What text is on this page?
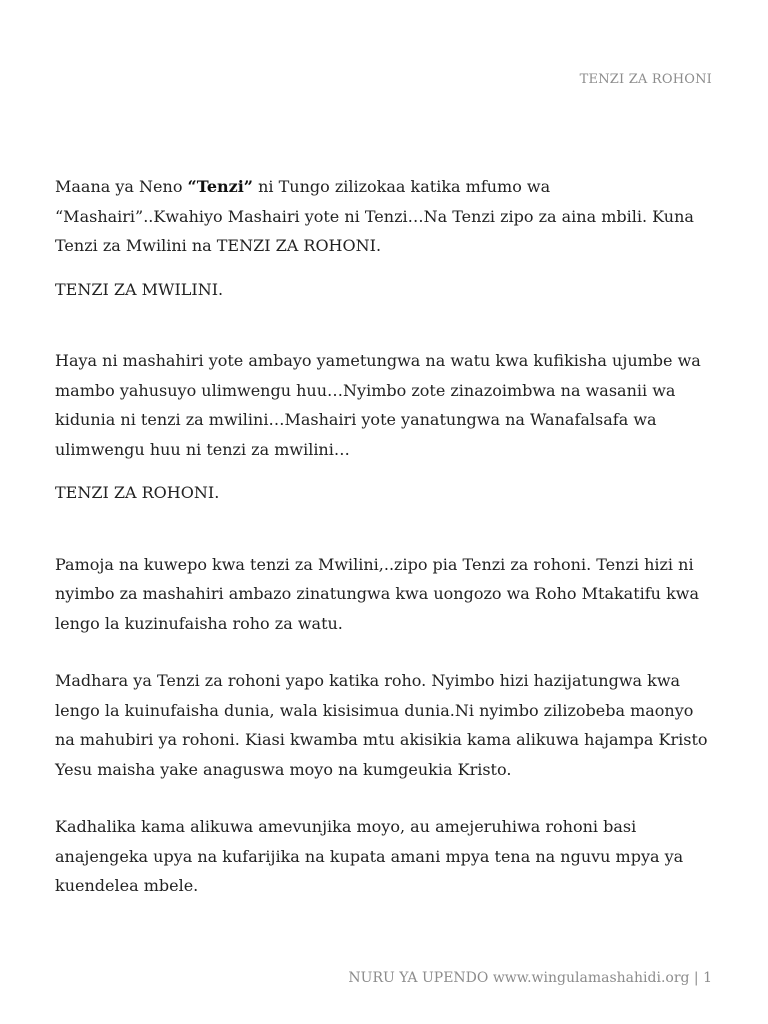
TENZI ZA ROHONI

Maana ya Neno “Tenzi” ni Tungo zilizokaa katika mfumo wa “Mashairi”..Kwahiyo Mashairi yote ni Tenzi…Na Tenzi zipo za aina mbili. Kuna Tenzi za Mwilini na TENZI ZA ROHONI.

TENZI ZA MWILINI.

Haya ni mashahiri yote ambayo yametungwa na watu kwa kufikisha ujumbe wa mambo yahusuyo ulimwengu huu…Nyimbo zote zinazoimbwa na wasanii wa kidunia ni tenzi za mwilini…Mashairi yote yanatungwa na Wanafalsafa wa ulimwengu huu ni tenzi za mwilini…

TENZI ZA ROHONI.

Pamoja na kuwepo kwa tenzi za Mwilini,..zipo pia Tenzi za rohoni. Tenzi hizi ni nyimbo za mashahiri ambazo zinatungwa kwa uongozo wa Roho Mtakatifu kwa lengo la kuzinufaisha roho za watu.

Madhara ya Tenzi za rohoni yapo katika roho. Nyimbo hizi hazijatungwa kwa lengo la kuinufaisha dunia, wala kisisimua dunia.Ni nyimbo zilizobeba maonyo na mahubiri ya rohoni. Kiasi kwamba mtu akisikia kama alikuwa hajampa Kristo Yesu maisha yake anaguswa moyo na kumgeukia Kristo.

Kadhalika kama alikuwa amevunjika moyo, au amejeruhiwa rohoni basi anajengeka upya na kufarijika na kupata amani mpya tena na nguvu mpya ya kuendelea mbele.

NURU YA UPENDO www.wingulamashahidi.org | 1
